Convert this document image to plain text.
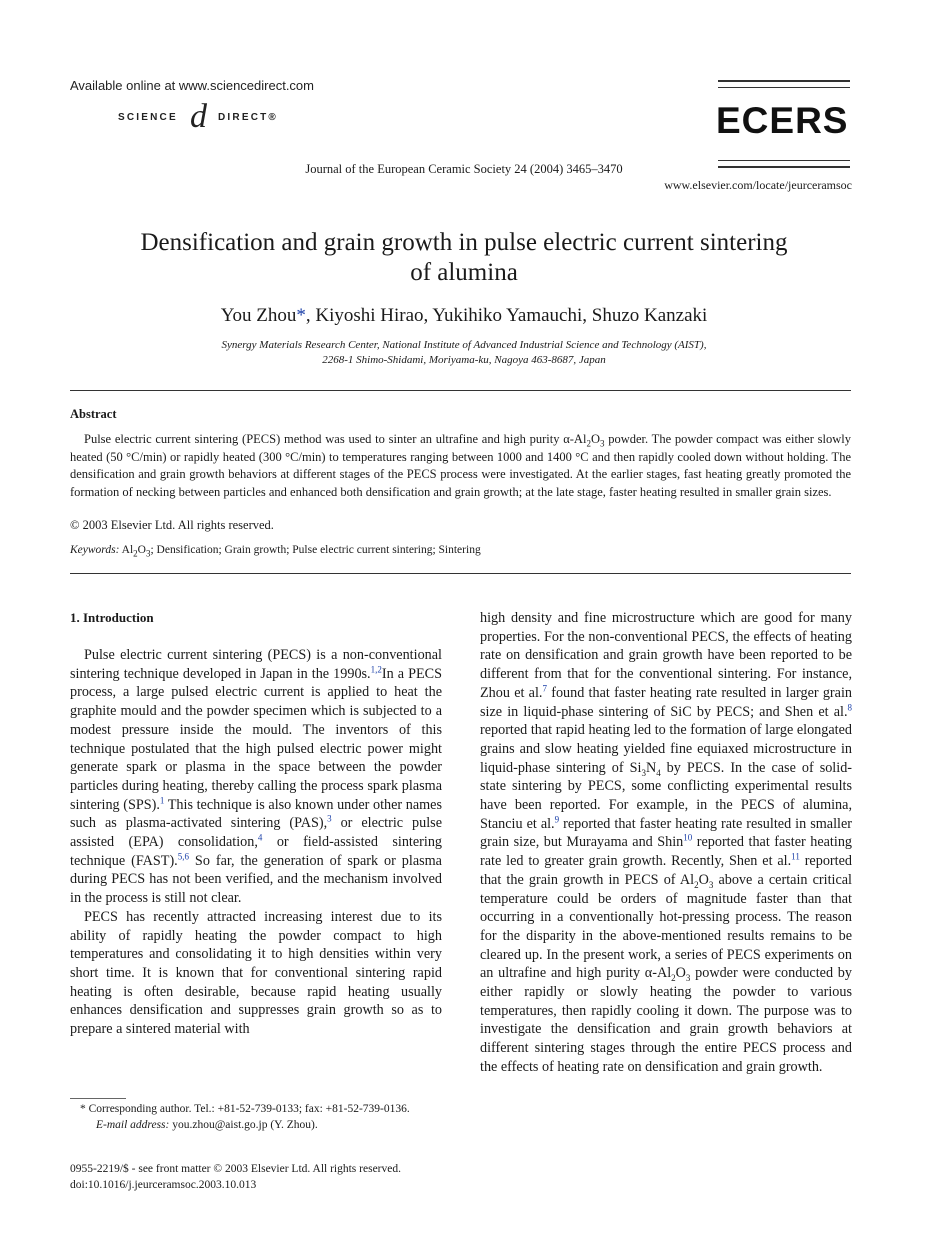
Available online at www.sciencedirect.com
SCIENCE d DIRECT®	ECERS
Journal of the European Ceramic Society 24 (2004) 3465–3470
www.elsevier.com/locate/jeurceramsoc
Densification and grain growth in pulse electric current sintering
of alumina
You Zhou*, Kiyoshi Hirao, Yukihiko Yamauchi, Shuzo Kanzaki
Synergy Materials Research Center, National Institute of Advanced Industrial Science and Technology (AIST),
2268-1 Shimo-Shidami, Moriyama-ku, Nagoya 463-8687, Japan
Abstract
Pulse electric current sintering (PECS) method was used to sinter an ultrafine and high purity $\alpha-Al_2O_3$ powder. The powder compact was either slowly heated (50 °C/min) or rapidly heated (300 °C/min) to temperatures ranging between 1000 and 1400 °C and then rapidly cooled down without holding. The densification and grain growth behaviors at different stages of the PECS process were investigated. At the earlier stages, fast heating greatly promoted the formation of necking between particles and enhanced both densification and grain growth; at the late stage, faster heating resulted in smaller grain sizes.
© 2003 Elsevier Ltd. All rights reserved.
Keywords: $Al_2O_3$; Densification; Grain growth; Pulse electric current sintering; Sintering
1. Introduction

Pulse electric current sintering (PECS) is a non-conventional sintering technique developed in Japan in the 1990s.$^{1,2}$In a PECS process, a large pulsed electric current is applied to heat the graphite mould and the powder specimen which is subjected to a modest pressure inside the mould. The inventors of this technique postulated that the high pulsed electric power might generate spark or plasma in the space between the powder particles during heating, thereby calling the process spark plasma sintering (SPS).$^1$ This technique is also known under other names such as plasma-activated sintering (PAS),$^3$ or electric pulse assisted (EPA) consolidation,$^4$ or field-assisted sintering technique (FAST).$^{5,6}$ So far, the generation of spark or plasma during PECS has not been verified, and the mechanism involved in the process is still not clear.

PECS has recently attracted increasing interest due to its ability of rapidly heating the powder compact to high temperatures and consolidating it to high densities within very short time. It is known that for conventional sintering rapid heating is often desirable, because rapid heating usually enhances densification and suppresses grain growth so as to prepare a sintered material with

high density and fine microstructure which are good for many properties. For the non-conventional PECS, the effects of heating rate on densification and grain growth have been reported to be different from that for the conventional sintering. For instance, Zhou et al.$^7$ found that faster heating rate resulted in larger grain size in liquid-phase sintering of SiC by PECS; and Shen et al.$^8$ reported that rapid heating led to the formation of large elongated grains and slow heating yielded fine equiaxed microstructure in liquid-phase sintering of $Si_3N_4$ by PECS. In the case of solid-state sintering by PECS, some conflicting experimental results have been reported. For example, in the PECS of alumina, Stanciu et al.$^9$ reported that faster heating rate resulted in smaller grain size, but Murayama and Shin$^{10}$ reported that faster heating rate led to greater grain growth. Recently, Shen et al.$^{11}$ reported that the grain growth in PECS of $Al_2O_3$ above a certain critical temperature could be orders of magnitude faster than that occurring in a conventionally hot-pressing process. The reason for the disparity in the above-mentioned results remains to be cleared up. In the present work, a series of PECS experiments on an ultrafine and high purity $\alpha-Al_2O_3$ powder were conducted by either rapidly or slowly heating the powder to various temperatures, then rapidly cooling it down. The purpose was to investigate the densification and grain growth behaviors at different sintering stages through the entire PECS process and the effects of heating rate on densification and grain growth.

* Corresponding author. Tel.: +81-52-739-0133; fax: +81-52-739-0136.

E-mail address: you.zhou@aist.go.jp (Y. Zhou).

0955-2219/$ - see front matter © 2003 Elsevier Ltd. All rights reserved.
doi:10.1016/j.jeurceramsoc.2003.10.013
